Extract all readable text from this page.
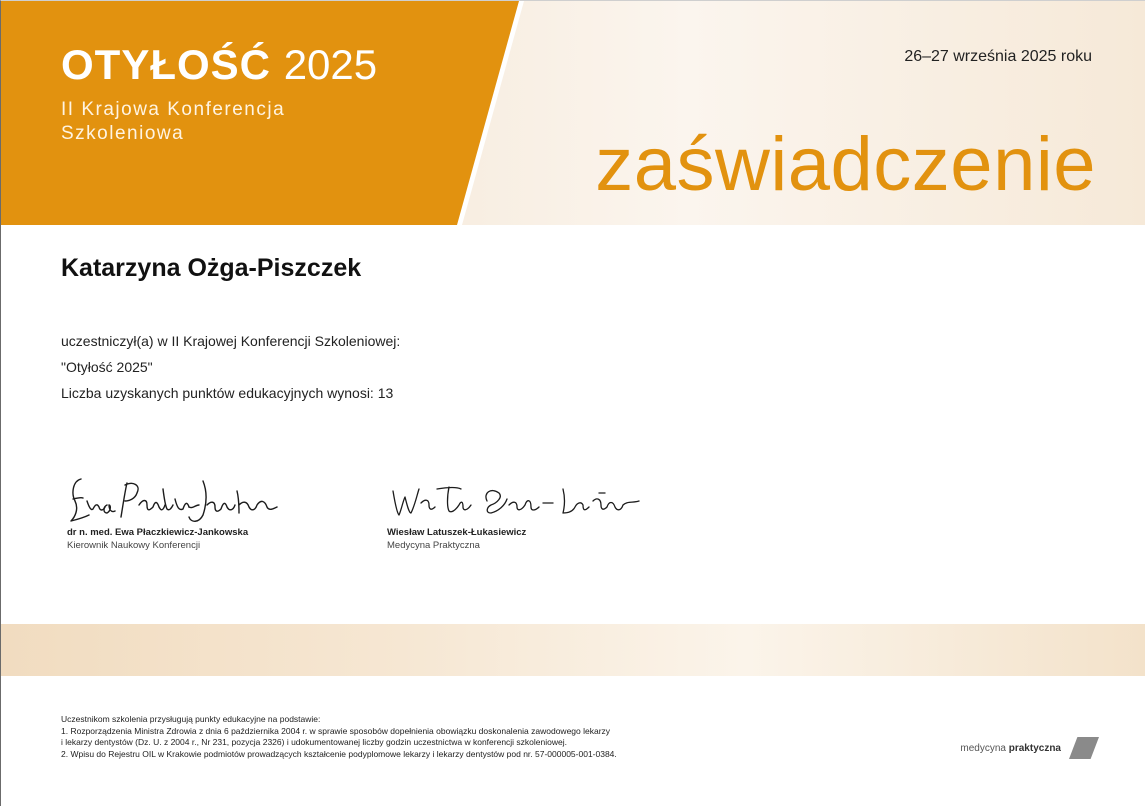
OTYŁOŚĆ 2025
II Krajowa Konferencja
Szkoleniowa
26–27 września 2025 roku
zaświadczenie
Katarzyna Ożga-Piszczek
uczestniczył(a) w II Krajowej Konferencji Szkoleniowej:
"Otyłość 2025"
Liczba uzyskanych punktów edukacyjnych wynosi: 13
dr n. med. Ewa Płaczkiewicz-Jankowska
Kierownik Naukowy Konferencji
Wiesław Latuszek-Łukasiewicz
Medycyna Praktyczna

Uczestnikom szkolenia przysługują punkty edukacyjne na podstawie:

1. Rozporządzenia Ministra Zdrowia z dnia 6 października 2004 r. w sprawie sposobów dopełnienia obowiązku doskonalenia zawodowego lekarzy

i lekarzy dentystów (Dz. U. z 2004 r., Nr 231, pozycja 2326) i udokumentowanej liczby godzin uczestnictwa w konferencji szkoleniowej.

2. Wpisu do Rejestru OIL w Krakowie podmiotów prowadzących kształcenie podyplomowe lekarzy i lekarzy dentystów pod nr. 57-000005-001-0384.	medycyna praktyczna
